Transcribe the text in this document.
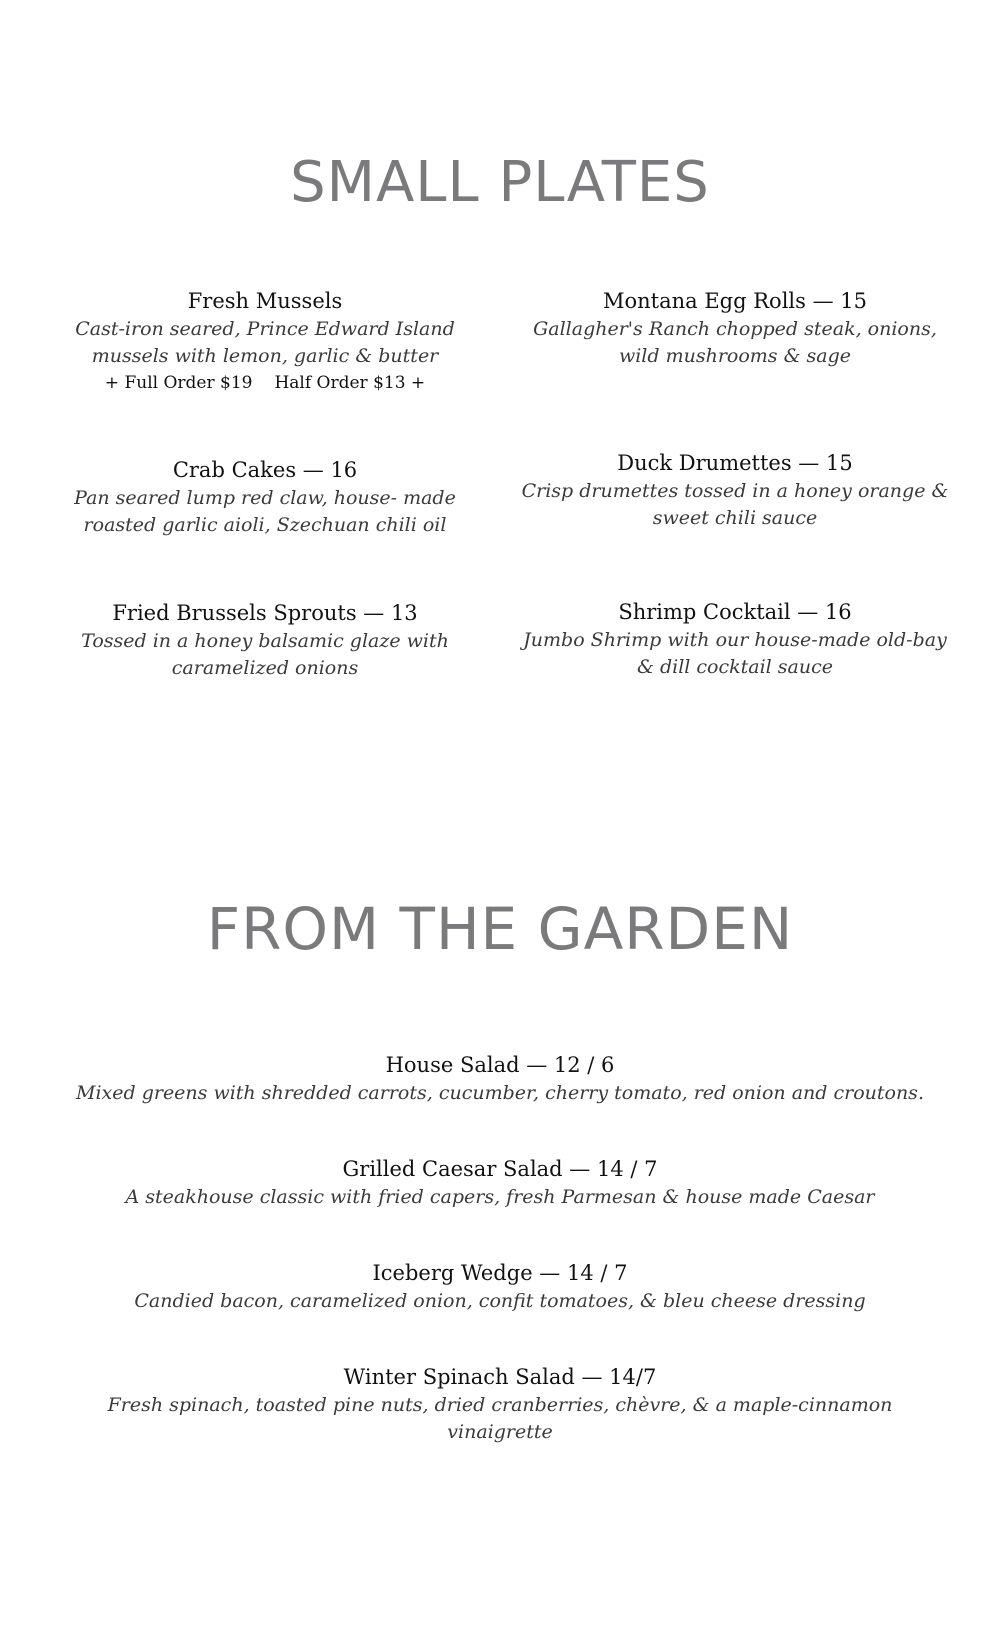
SMALL PLATES
Fresh Mussels
Cast-iron seared, Prince Edward Island mussels with lemon, garlic & butter
+ Full Order $19 Half Order $13 +
Montana Egg Rolls — 15
Gallagher's Ranch chopped steak, onions, wild mushrooms & sage
Crab Cakes — 16
Pan seared lump red claw, house- made roasted garlic aioli, Szechuan chili oil
Duck Drumettes — 15
Crisp drumettes tossed in a honey orange & sweet chili sauce
Fried Brussels Sprouts — 13
Tossed in a honey balsamic glaze with caramelized onions
Shrimp Cocktail — 16
Jumbo Shrimp with our house-made old-bay & dill cocktail sauce
FROM THE GARDEN
House Salad — 12 / 6
Mixed greens with shredded carrots, cucumber, cherry tomato, red onion and croutons.
Grilled Caesar Salad — 14 / 7
A steakhouse classic with fried capers, fresh Parmesan & house made Caesar
Iceberg Wedge — 14 / 7
Candied bacon, caramelized onion, confit tomatoes, & bleu cheese dressing
Winter Spinach Salad — 14/7
Fresh spinach, toasted pine nuts, dried cranberries, chèvre, & a maple-cinnamon vinaigrette
